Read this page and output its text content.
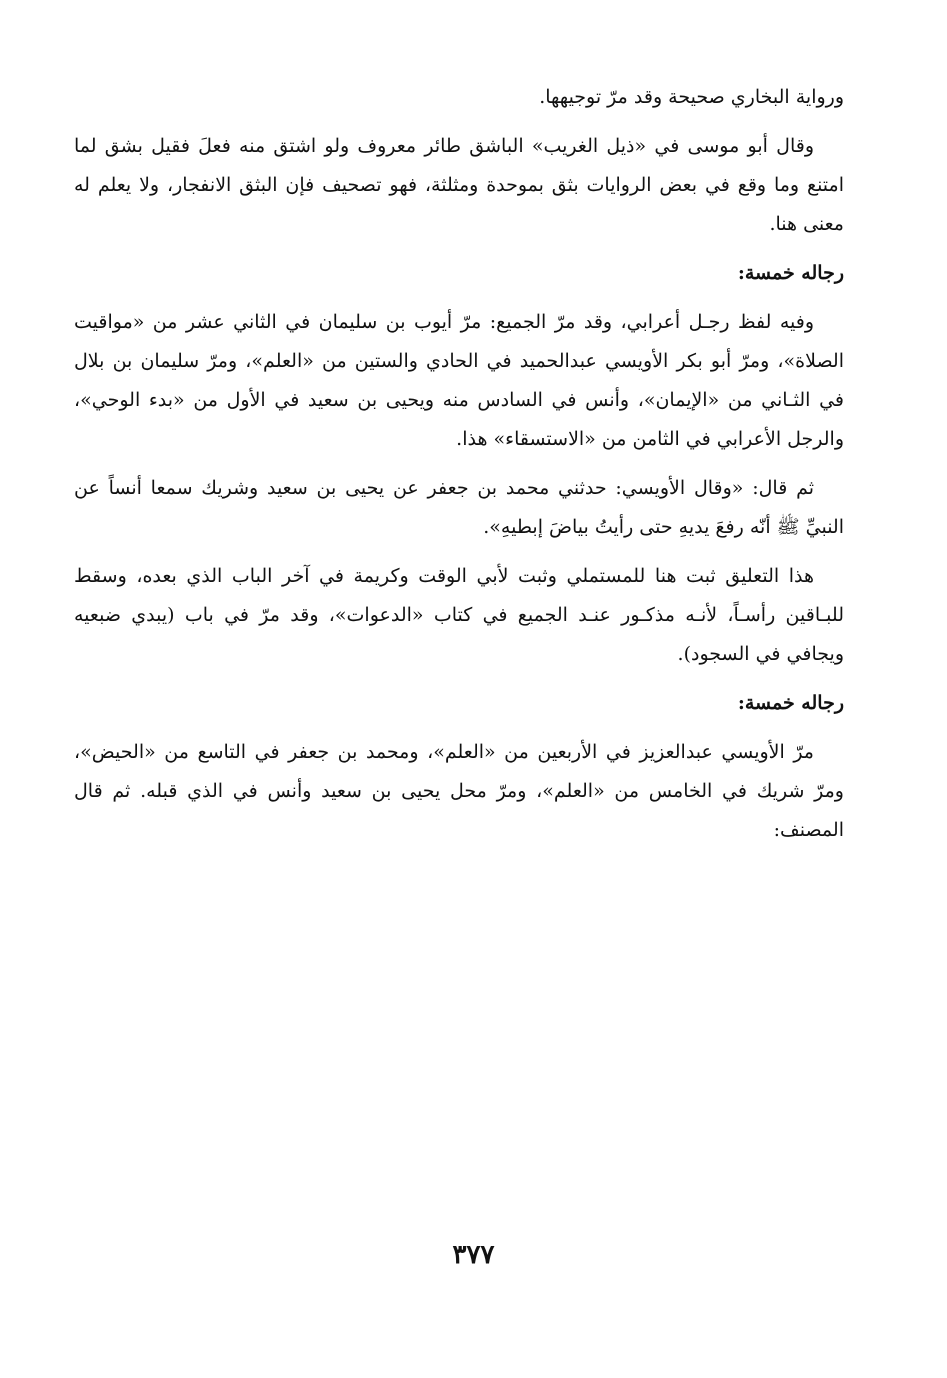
ورواية البخاري صحيحة وقد مرّ توجيهها.

وقال أبو موسى في «ذيل الغريب» الباشق طائر معروف ولو اشتق منه فعلَ فقيل بشق لما امتنع وما وقع في بعض الروايات بثق بموحدة ومثلثة، فهو تصحيف فإن البثق الانفجار، ولا يعلم له معنى هنا.

رجاله خمسة:

وفيه لفظ رجـل أعرابي، وقد مرّ الجميع: مرّ أيوب بن سليمان في الثاني عشر من «مواقيت الصلاة»، ومرّ أبو بكر الأويسي عبدالحميد في الحادي والستين من «العلم»، ومرّ سليمان بن بلال في الثـاني من «الإيمان»، وأنس في السادس منه ويحيى بن سعيد في الأول من «بدء الوحي»، والرجل الأعرابي في الثامن من «الاستسقاء» هذا.

ثم قال: «وقال الأويسي: حدثني محمد بن جعفر عن يحيى بن سعيد وشريك سمعا أنساً عن النبيِّ ﷺ أنّه رفعَ يديهِ حتى رأيتُ بياضَ إبطيهِ».

هذا التعليق ثبت هنا للمستملي وثبت لأبي الوقت وكريمة في آخر الباب الذي بعده، وسقط للبـاقين رأسـاً، لأنـه مذكـور عنـد الجميع في كتاب «الدعوات»، وقد مرّ في باب (يبدي ضبعيه ويجافي في السجود).

رجاله خمسة:

مرّ الأويسي عبدالعزيز في الأربعين من «العلم»، ومحمد بن جعفر في التاسع من «الحيض»، ومرّ شريك في الخامس من «العلم»، ومرّ محل يحيى بن سعيد وأنس في الذي قبله. ثم قال المصنف:

٣٧٧
